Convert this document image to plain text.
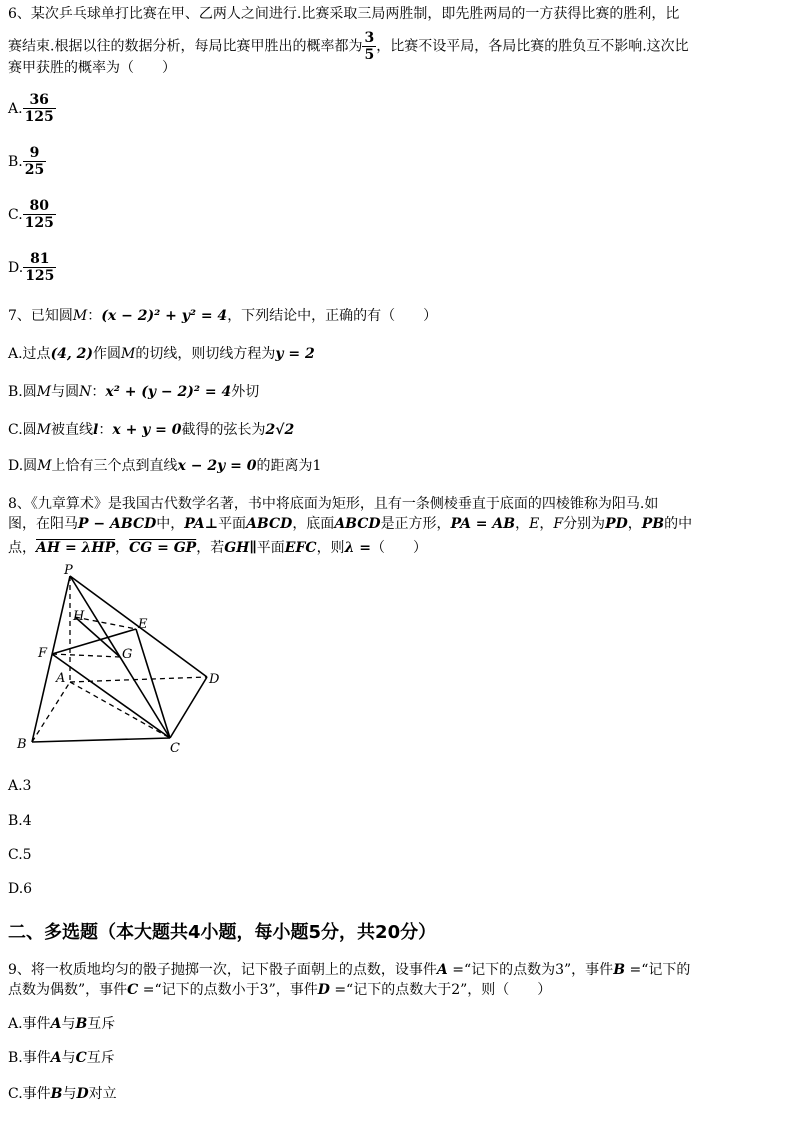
6、某次乒乓球单打比赛在甲、乙两人之间进行.比赛采取三局两胜制，即先胜两局的一方获得比赛的胜利，比
赛结束.根据以往的数据分析，每局比赛甲胜出的概率都为 $\frac{3}{5}$ ，比赛不设平局，各局比赛的胜负互不影响.这次比
赛甲获胜的概率为（　　）
A. $\frac{36}{125}$
B. $\frac{9}{25}$
C. $\frac{80}{125}$
D. $\frac{81}{125}$
7、已知圆M：(x − 2)² + y² = 4，下列结论中，正确的有（　　）
A.过点(4, 2)作圆M的切线，则切线方程为y = 2
B.圆M与圆N：x² + (y − 2)² = 4外切
C.圆M被直线l：x + y = 0截得的弦长为2√2
D.圆M上恰有三个点到直线x − 2y = 0的距离为1
8、《九章算术》是我国古代数学名著，书中将底面为矩形，且有一条侧棱垂直于底面的四棱锥称为阳马.如
图，在阳马P − ABCD中，PA⊥平面ABCD，底面ABCD是正方形，PA = AB，E，F分别为PD，PB的中
点，AH = λHP，CG = GP，若GH∥平面EFC，则λ =（　　）
P
H
E
F	G
A	D
B	C
A.3
B.4
C.5
D.6
二、多选题（本大题共4小题，每小题5分，共20分）
9、将一枚质地均匀的骰子抛掷一次，记下骰子面朝上的点数，设事件A =“记下的点数为3”，事件B =“记下的
点数为偶数”，事件C =“记下的点数小于3”，事件D =“记下的点数大于2”，则（　　）
A.事件A与B互斥
B.事件A与C互斥
C.事件B与D对立
